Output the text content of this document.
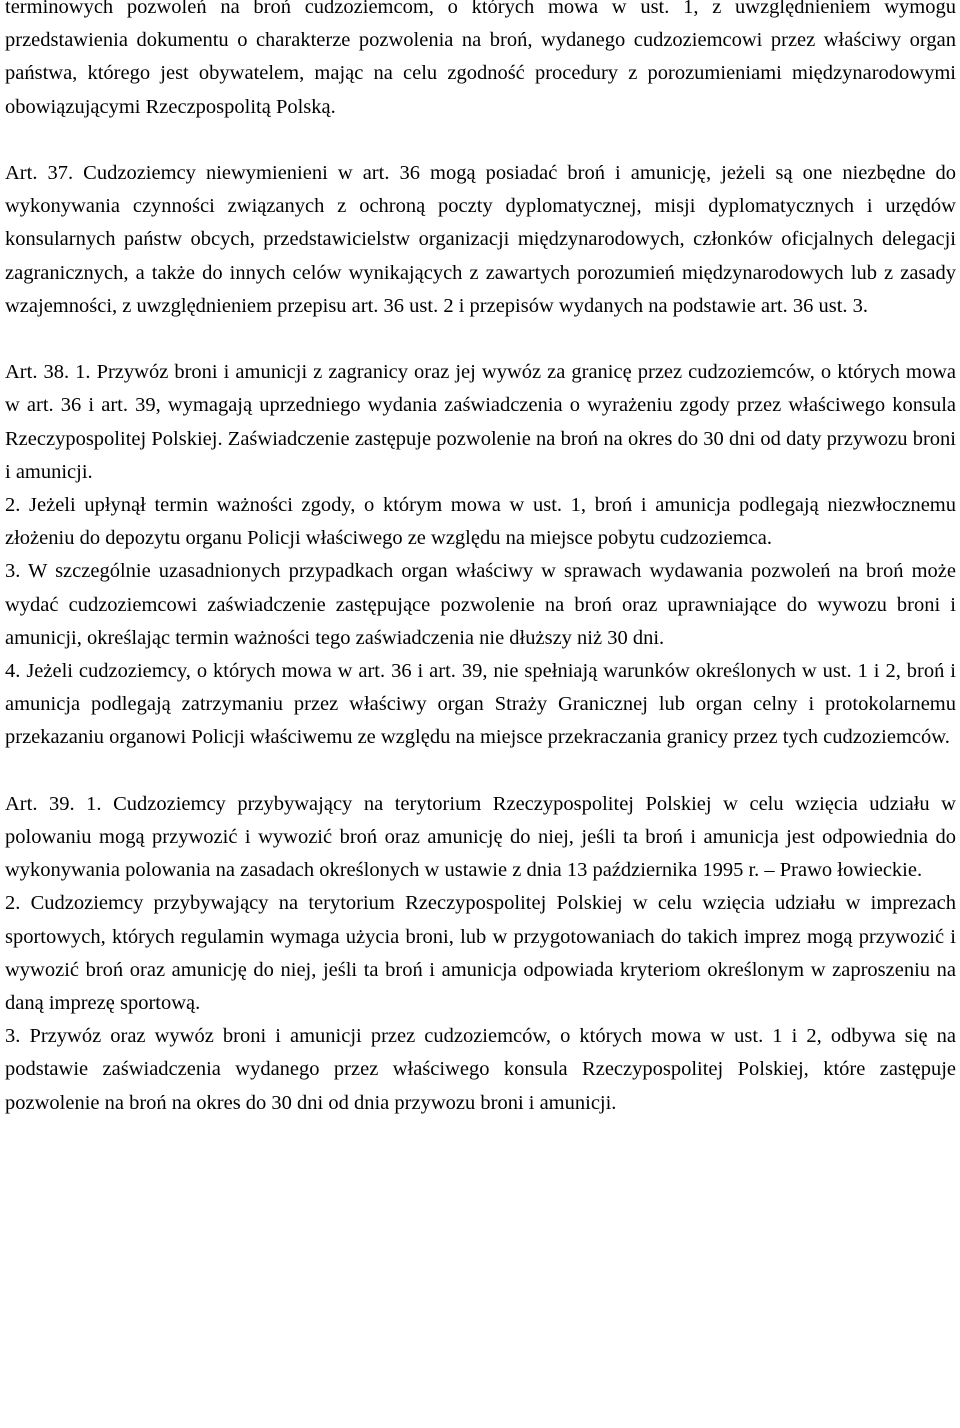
terminowych pozwoleń na broń cudzoziemcom, o których mowa w ust. 1, z uwzględnieniem wymogu przedstawienia dokumentu o charakterze pozwolenia na broń, wydanego cudzoziemcowi przez właściwy organ państwa, którego jest obywatelem, mając na celu zgodność procedury z porozumieniami międzynarodowymi obowiązującymi Rzeczpospolitą Polską.

Art. 37. Cudzoziemcy niewymienieni w art. 36 mogą posiadać broń i amunicję, jeżeli są one niezbędne do wykonywania czynności związanych z ochroną poczty dyplomatycznej, misji dyplomatycznych i urzędów konsularnych państw obcych, przedstawicielstw organizacji międzynarodowych, członków oficjalnych delegacji zagranicznych, a także do innych celów wynikających z zawartych porozumień międzynarodowych lub z zasady wzajemności, z uwzględnieniem przepisu art. 36 ust. 2 i przepisów wydanych na podstawie art. 36 ust. 3.

Art. 38. 1. Przywóz broni i amunicji z zagranicy oraz jej wywóz za granicę przez cudzoziemców, o których mowa w art. 36 i art. 39, wymagają uprzedniego wydania zaświadczenia o wyrażeniu zgody przez właściwego konsula Rzeczypospolitej Polskiej. Zaświadczenie zastępuje pozwolenie na broń na okres do 30 dni od daty przywozu broni i amunicji.

2. Jeżeli upłynął termin ważności zgody, o którym mowa w ust. 1, broń i amunicja podlegają niezwłocznemu złożeniu do depozytu organu Policji właściwego ze względu na miejsce pobytu cudzoziemca.

3. W szczególnie uzasadnionych przypadkach organ właściwy w sprawach wydawania pozwoleń na broń może wydać cudzoziemcowi zaświadczenie zastępujące pozwolenie na broń oraz uprawniające do wywozu broni i amunicji, określając termin ważności tego zaświadczenia nie dłuższy niż 30 dni.

4. Jeżeli cudzoziemcy, o których mowa w art. 36 i art. 39, nie spełniają warunków określonych w ust. 1 i 2, broń i amunicja podlegają zatrzymaniu przez właściwy organ Straży Granicznej lub organ celny i protokolarnemu przekazaniu organowi Policji właściwemu ze względu na miejsce przekraczania granicy przez tych cudzoziemców.

Art. 39. 1. Cudzoziemcy przybywający na terytorium Rzeczypospolitej Polskiej w celu wzięcia udziału w polowaniu mogą przywozić i wywozić broń oraz amunicję do niej, jeśli ta broń i amunicja jest odpowiednia do wykonywania polowania na zasadach określonych w ustawie z dnia 13 października 1995 r. – Prawo łowieckie.

2. Cudzoziemcy przybywający na terytorium Rzeczypospolitej Polskiej w celu wzięcia udziału w imprezach sportowych, których regulamin wymaga użycia broni, lub w przygotowaniach do takich imprez mogą przywozić i wywozić broń oraz amunicję do niej, jeśli ta broń i amunicja odpowiada kryteriom określonym w zaproszeniu na daną imprezę sportową.

3. Przywóz oraz wywóz broni i amunicji przez cudzoziemców, o których mowa w ust. 1 i 2, odbywa się na podstawie zaświadczenia wydanego przez właściwego konsula Rzeczypospolitej Polskiej, które zastępuje pozwolenie na broń na okres do 30 dni od dnia przywozu broni i amunicji.
